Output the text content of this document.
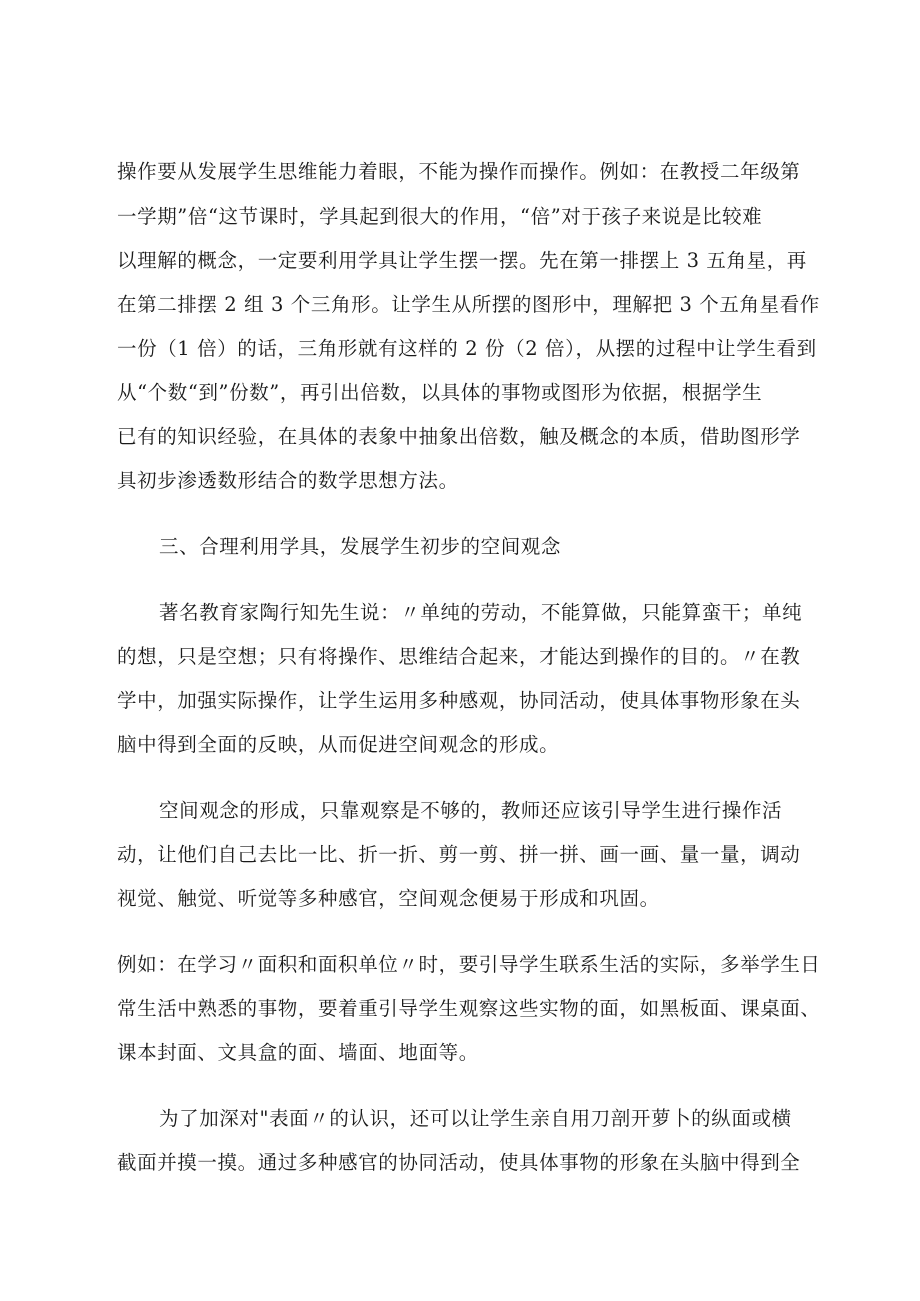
操作要从发展学生思维能力着眼，不能为操作而操作。例如：在教授二年级第
一学期”倍“这节课时，学具起到很大的作用，“倍”对于孩子来说是比较难
以理解的概念，一定要利用学具让学生摆一摆。先在第一排摆上 3 五角星，再
在第二排摆 2 组 3 个三角形。让学生从所摆的图形中，理解把 3 个五角星看作
一份（1 倍）的话，三角形就有这样的 2 份（2 倍），从摆的过程中让学生看到
从“个数“到”份数”，再引出倍数，以具体的事物或图形为依据，根据学生
已有的知识经验，在具体的表象中抽象出倍数，触及概念的本质，借助图形学
具初步渗透数形结合的数学思想方法。
三、合理利用学具，发展学生初步的空间观念
著名教育家陶行知先生说：〃单纯的劳动，不能算做，只能算蛮干；单纯
的想，只是空想；只有将操作、思维结合起来，才能达到操作的目的。〃在教
学中，加强实际操作，让学生运用多种感观，协同活动，使具体事物形象在头
脑中得到全面的反映，从而促进空间观念的形成。
空间观念的形成，只靠观察是不够的，教师还应该引导学生进行操作活
动，让他们自己去比一比、折一折、剪一剪、拼一拼、画一画、量一量，调动
视觉、触觉、听觉等多种感官，空间观念便易于形成和巩固。
例如：在学习〃面积和面积单位〃时，要引导学生联系生活的实际，多举学生日
常生活中熟悉的事物，要着重引导学生观察这些实物的面，如黑板面、课桌面、
课本封面、文具盒的面、墙面、地面等。
为了加深对"表面〃的认识，还可以让学生亲自用刀剖开萝卜的纵面或横
截面并摸一摸。通过多种感官的协同活动，使具体事物的形象在头脑中得到全
